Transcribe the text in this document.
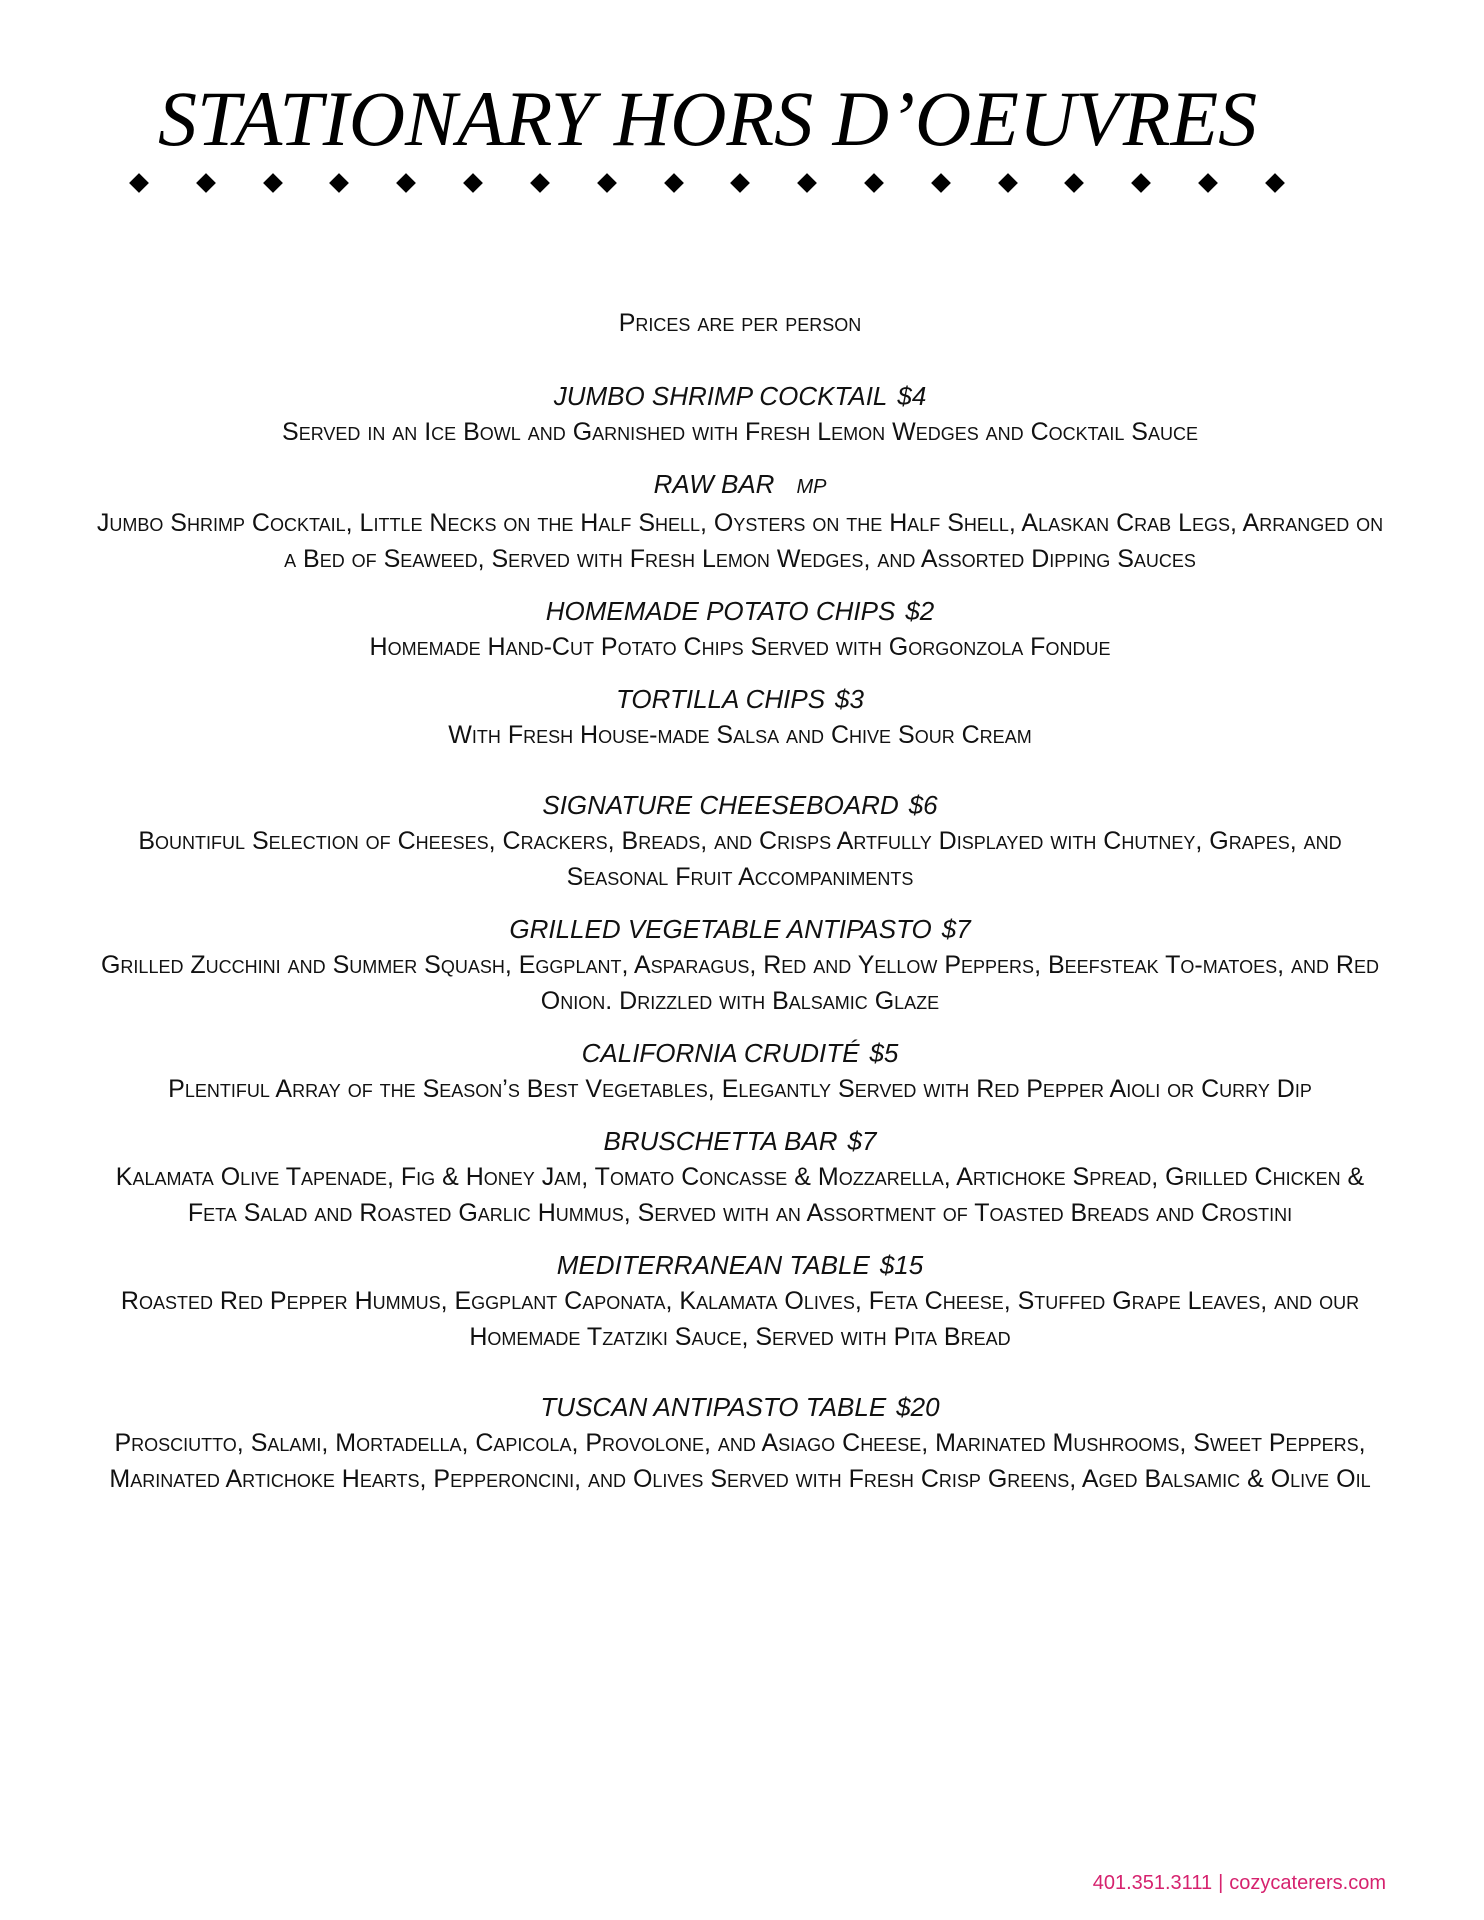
STATIONARY HORS D’OEUVRES
Prices are per person
JUMBO SHRIMP COCKTAIL $4
Served in an Ice Bowl and Garnished with Fresh Lemon Wedges and Cocktail Sauce
RAW BAR MP
Jumbo Shrimp Cocktail, Little Necks on the Half Shell, Oysters on the Half Shell, Alaskan Crab Legs, Arranged on a Bed of Seaweed, Served with Fresh Lemon Wedges, and Assorted Dipping Sauces
HOMEMADE POTATO CHIPS $2
Homemade Hand-Cut Potato Chips Served with Gorgonzola Fondue
TORTILLA CHIPS $3
With Fresh House-made Salsa and Chive Sour Cream
SIGNATURE CHEESEBOARD $6
Bountiful Selection of Cheeses, Crackers, Breads, and Crisps Artfully Displayed with Chutney, Grapes, and Seasonal Fruit Accompaniments
GRILLED VEGETABLE ANTIPASTO $7
Grilled Zucchini and Summer Squash, Eggplant, Asparagus, Red and Yellow Peppers, Beefsteak To-matoes, and Red Onion. Drizzled with Balsamic Glaze
CALIFORNIA CRUDITÉ $5
Plentiful Array of the Season’s Best Vegetables, Elegantly Served with Red Pepper Aioli or Curry Dip
BRUSCHETTA BAR $7
Kalamata Olive Tapenade, Fig & Honey Jam, Tomato Concasse & Mozzarella, Artichoke Spread, Grilled Chicken & Feta Salad and Roasted Garlic Hummus, Served with an Assortment of Toasted Breads and Crostini
MEDITERRANEAN TABLE $15
Roasted Red Pepper Hummus, Eggplant Caponata, Kalamata Olives, Feta Cheese, Stuffed Grape Leaves, and our Homemade Tzatziki Sauce, Served with Pita Bread
TUSCAN ANTIPASTO TABLE $20
Prosciutto, Salami, Mortadella, Capicola, Provolone, and Asiago Cheese, Marinated Mushrooms, Sweet Peppers, Marinated Artichoke Hearts, Pepperoncini, and Olives Served with Fresh Crisp Greens, Aged Balsamic & Olive Oil
401.351.3111 | cozycaterers.com
